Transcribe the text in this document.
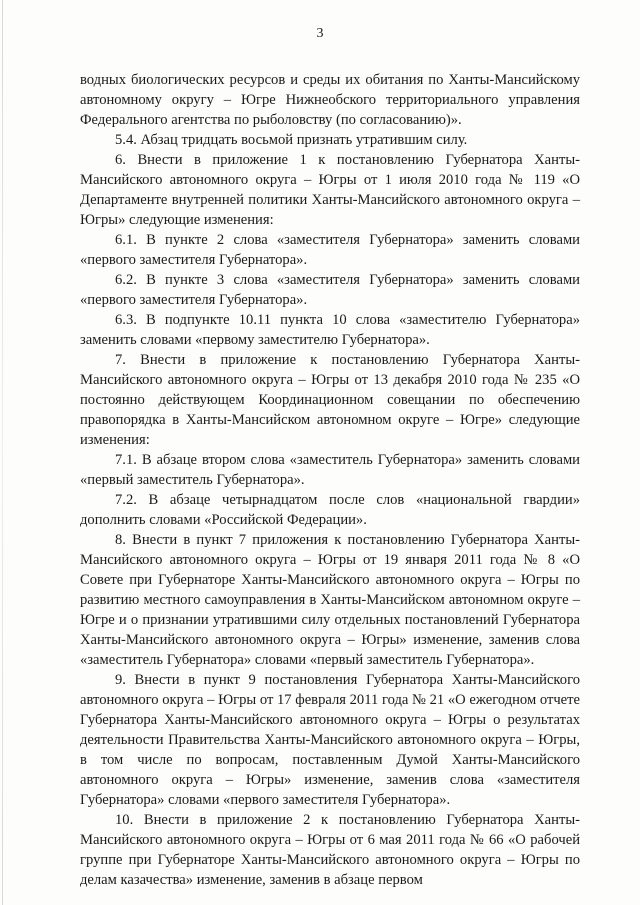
3

водных биологических ресурсов и среды их обитания по Ханты-Мансийскому автономному округу – Югре Нижнеобского территориального управления Федерального агентства по рыболовству (по согласованию)».

5.4. Абзац тридцать восьмой признать утратившим силу.

6. Внести в приложение 1 к постановлению Губернатора Ханты-Мансийского автономного округа – Югры от 1 июля 2010 года № 119 «О Департаменте внутренней политики Ханты-Мансийского автономного округа – Югры» следующие изменения:

6.1. В пункте 2 слова «заместителя Губернатора» заменить словами «первого заместителя Губернатора».

6.2. В пункте 3 слова «заместителя Губернатора» заменить словами «первого заместителя Губернатора».

6.3. В подпункте 10.11 пункта 10 слова «заместителю Губернатора» заменить словами «первому заместителю Губернатора».

7. Внести в приложение к постановлению Губернатора Ханты-Мансийского автономного округа – Югры от 13 декабря 2010 года № 235 «О постоянно действующем Координационном совещании по обеспечению правопорядка в Ханты-Мансийском автономном округе – Югре» следующие изменения:

7.1. В абзаце втором слова «заместитель Губернатора» заменить словами «первый заместитель Губернатора».

7.2. В абзаце четырнадцатом после слов «национальной гвардии» дополнить словами «Российской Федерации».

8. Внести в пункт 7 приложения к постановлению Губернатора Ханты-Мансийского автономного округа – Югры от 19 января 2011 года № 8 «О Совете при Губернаторе Ханты-Мансийского автономного округа – Югры по развитию местного самоуправления в Ханты-Мансийском автономном округе – Югре и о признании утратившими силу отдельных постановлений Губернатора Ханты-Мансийского автономного округа – Югры» изменение, заменив слова «заместитель Губернатора» словами «первый заместитель Губернатора».

9. Внести в пункт 9 постановления Губернатора Ханты-Мансийского автономного округа – Югры от 17 февраля 2011 года № 21 «О ежегодном отчете Губернатора Ханты-Мансийского автономного округа – Югры о результатах деятельности Правительства Ханты-Мансийского автономного округа – Югры, в том числе по вопросам, поставленным Думой Ханты-Мансийского автономного округа – Югры» изменение, заменив слова «заместителя Губернатора» словами «первого заместителя Губернатора».

10. Внести в приложение 2 к постановлению Губернатора Ханты-Мансийского автономного округа – Югры от 6 мая 2011 года № 66 «О рабочей группе при Губернаторе Ханты-Мансийского автономного округа – Югры по делам казачества» изменение, заменив в абзаце первом
